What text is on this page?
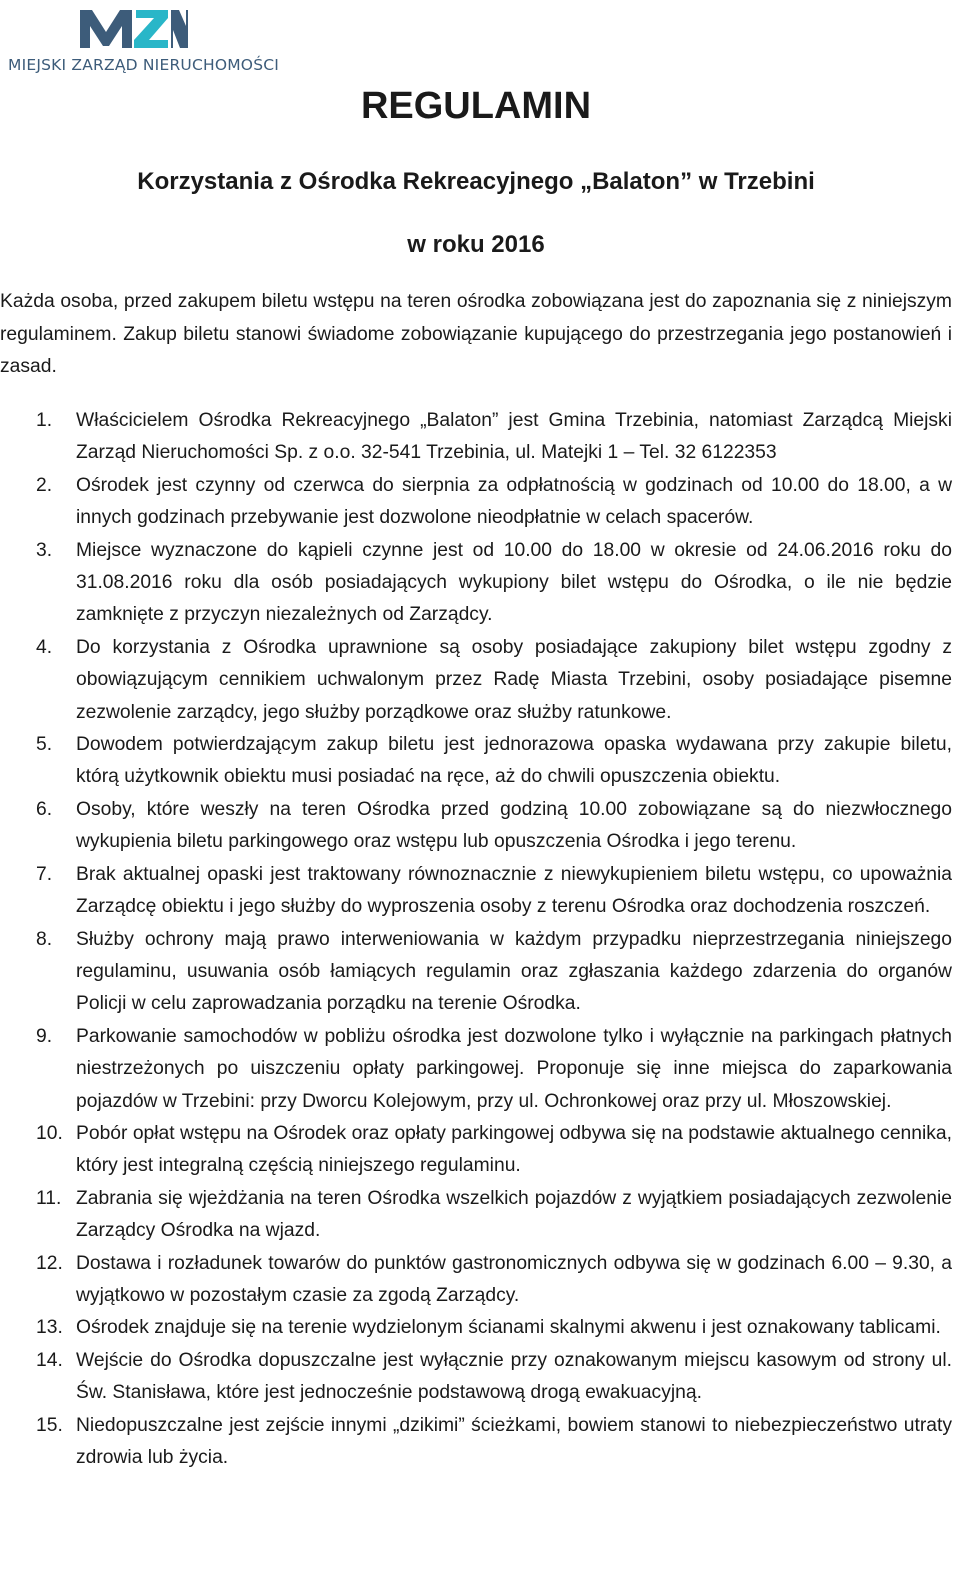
MIEJSKI ZARZĄD NIERUCHOMOŚCI
REGULAMIN
Korzystania z Ośrodka Rekreacyjnego „Balaton” w Trzebini
w roku 2016

Każda osoba, przed zakupem biletu wstępu na teren ośrodka zobowiązana jest do zapoznania się z niniejszym regulaminem. Zakup biletu stanowi świadome zobowiązanie kupującego do przestrzegania jego postanowień i zasad.

1. Właścicielem Ośrodka Rekreacyjnego „Balaton” jest Gmina Trzebinia, natomiast Zarządcą Miejski Zarząd Nieruchomości Sp. z o.o. 32-541 Trzebinia, ul. Matejki 1 – Tel. 32 6122353
2. Ośrodek jest czynny od czerwca do sierpnia za odpłatnością w godzinach od 10.00 do 18.00, a w innych godzinach przebywanie jest dozwolone nieodpłatnie w celach spacerów.
3. Miejsce wyznaczone do kąpieli czynne jest od 10.00 do 18.00 w okresie od 24.06.2016 roku do 31.08.2016 roku dla osób posiadających wykupiony bilet wstępu do Ośrodka, o ile nie będzie zamknięte z przyczyn niezależnych od Zarządcy.
4. Do korzystania z Ośrodka uprawnione są osoby posiadające zakupiony bilet wstępu zgodny z obowiązującym cennikiem uchwalonym przez Radę Miasta Trzebini, osoby posiadające pisemne zezwolenie zarządcy, jego służby porządkowe oraz służby ratunkowe.
5. Dowodem potwierdzającym zakup biletu jest jednorazowa opaska wydawana przy zakupie biletu, którą użytkownik obiektu musi posiadać na ręce, aż do chwili opuszczenia obiektu.
6. Osoby, które weszły na teren Ośrodka przed godziną 10.00 zobowiązane są do niezwłocznego wykupienia biletu parkingowego oraz wstępu lub opuszczenia Ośrodka i jego terenu.
7. Brak aktualnej opaski jest traktowany równoznacznie z niewykupieniem biletu wstępu, co upoważnia Zarządcę obiektu i jego służby do wyproszenia osoby z terenu Ośrodka oraz dochodzenia roszczeń.
8. Służby ochrony mają prawo interweniowania w każdym przypadku nieprzestrzegania niniejszego regulaminu, usuwania osób łamiących regulamin oraz zgłaszania każdego zdarzenia do organów Policji w celu zaprowadzania porządku na terenie Ośrodka.
9. Parkowanie samochodów w pobliżu ośrodka jest dozwolone tylko i wyłącznie na parkingach płatnych niestrzeżonych po uiszczeniu opłaty parkingowej. Proponuje się inne miejsca do zaparkowania pojazdów w Trzebini: przy Dworcu Kolejowym, przy ul. Ochronkowej oraz przy ul. Młoszowskiej.
10. Pobór opłat wstępu na Ośrodek oraz opłaty parkingowej odbywa się na podstawie aktualnego cennika, który jest integralną częścią niniejszego regulaminu.
11. Zabrania się wjeżdżania na teren Ośrodka wszelkich pojazdów z wyjątkiem posiadających zezwolenie Zarządcy Ośrodka na wjazd.
12. Dostawa i rozładunek towarów do punktów gastronomicznych odbywa się w godzinach 6.00 – 9.30, a wyjątkowo w pozostałym czasie za zgodą Zarządcy.
13. Ośrodek znajduje się na terenie wydzielonym ścianami skalnymi akwenu i jest oznakowany tablicami.
14. Wejście do Ośrodka dopuszczalne jest wyłącznie przy oznakowanym miejscu kasowym od strony ul. Św. Stanisława, które jest jednocześnie podstawową drogą ewakuacyjną.
15. Niedopuszczalne jest zejście innymi „dzikimi” ścieżkami, bowiem stanowi to niebezpieczeństwo utraty zdrowia lub życia.
